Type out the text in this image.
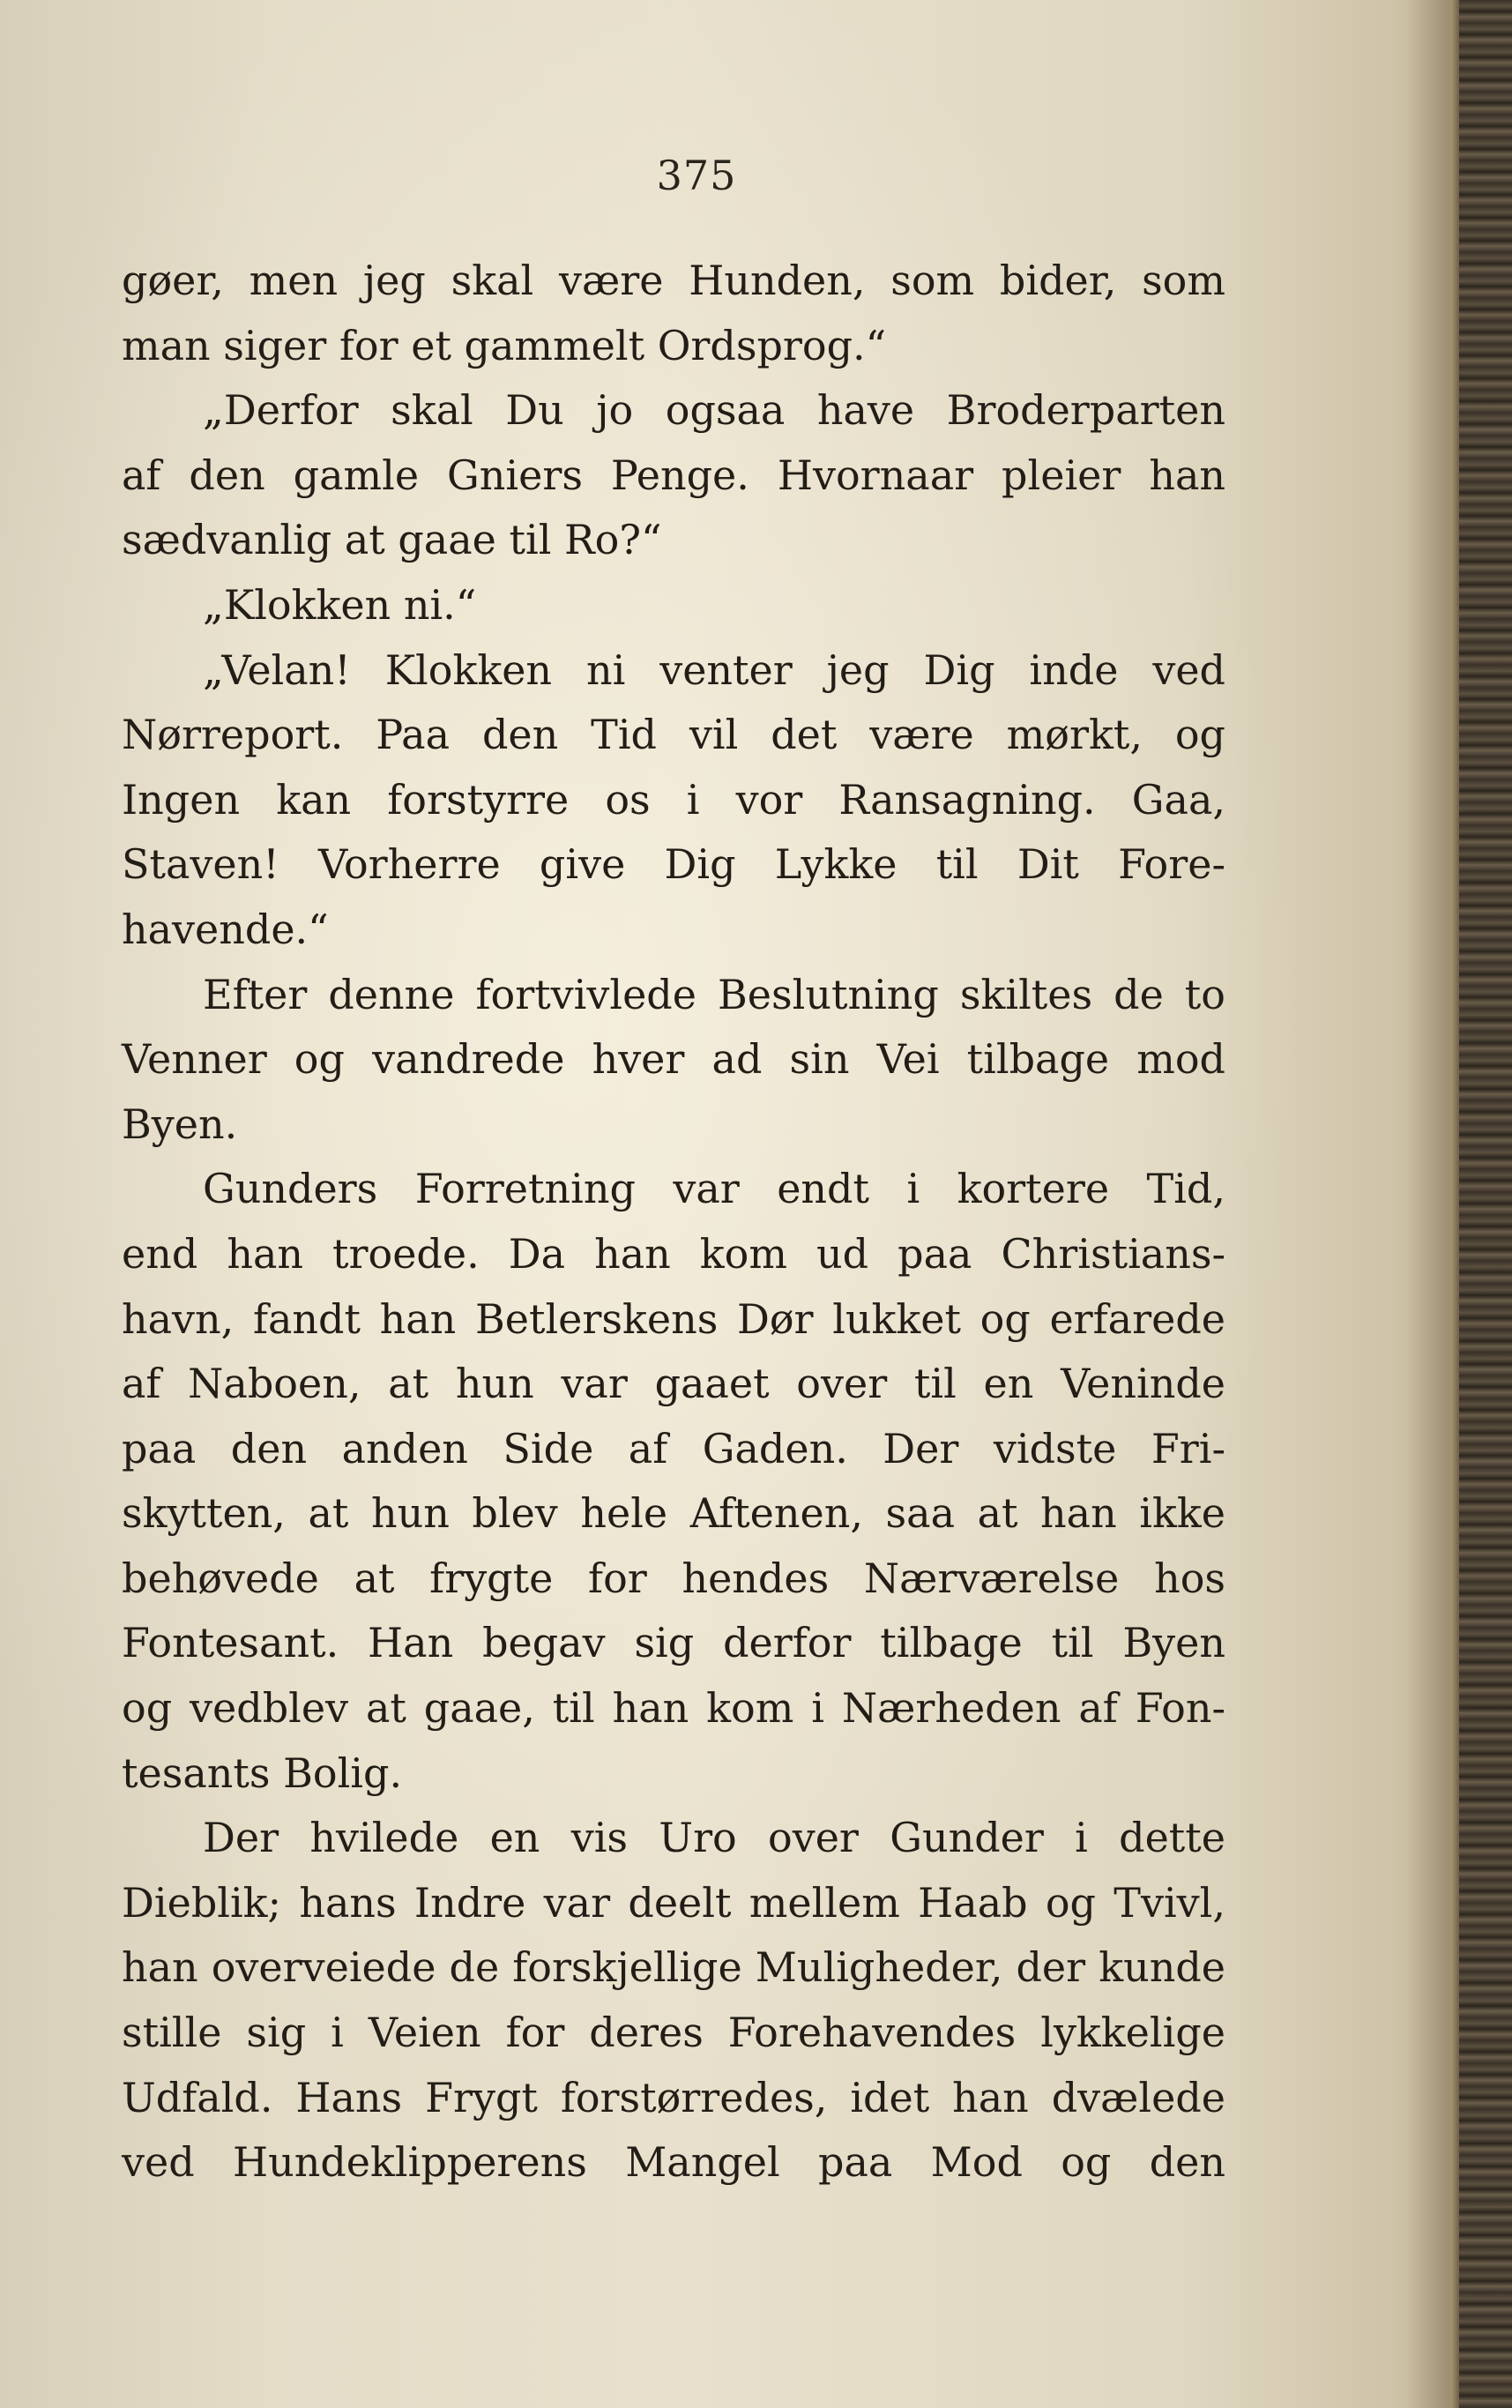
375
gøer, men jeg skal være Hunden, som bider, som
man siger for et gammelt Ordsprog.“
„Derfor skal Du jo ogsaa have Broderparten
af den gamle Gniers Penge. Hvornaar pleier han
sædvanlig at gaae til Ro?“
„Klokken ni.“
„Velan! Klokken ni venter jeg Dig inde ved
Nørreport. Paa den Tid vil det være mørkt, og
Ingen kan forstyrre os i vor Ransagning. Gaa,
Staven! Vorherre give Dig Lykke til Dit Fore-
havende.“
Efter denne fortvivlede Beslutning skiltes de to
Venner og vandrede hver ad sin Vei tilbage mod
Byen.
Gunders Forretning var endt i kortere Tid,
end han troede. Da han kom ud paa Christians-
havn, fandt han Betlerskens Dør lukket og erfarede
af Naboen, at hun var gaaet over til en Veninde
paa den anden Side af Gaden. Der vidste Fri-
skytten, at hun blev hele Aftenen, saa at han ikke
behøvede at frygte for hendes Nærværelse hos
Fontesant. Han begav sig derfor tilbage til Byen
og vedblev at gaae, til han kom i Nærheden af Fon-
tesants Bolig.
Der hvilede en vis Uro over Gunder i dette
Dieblik; hans Indre var deelt mellem Haab og Tvivl,
han overveiede de forskjellige Muligheder, der kunde
stille sig i Veien for deres Forehavendes lykkelige
Udfald. Hans Frygt forstørredes, idet han dvælede
ved Hundeklipperens Mangel paa Mod og den
